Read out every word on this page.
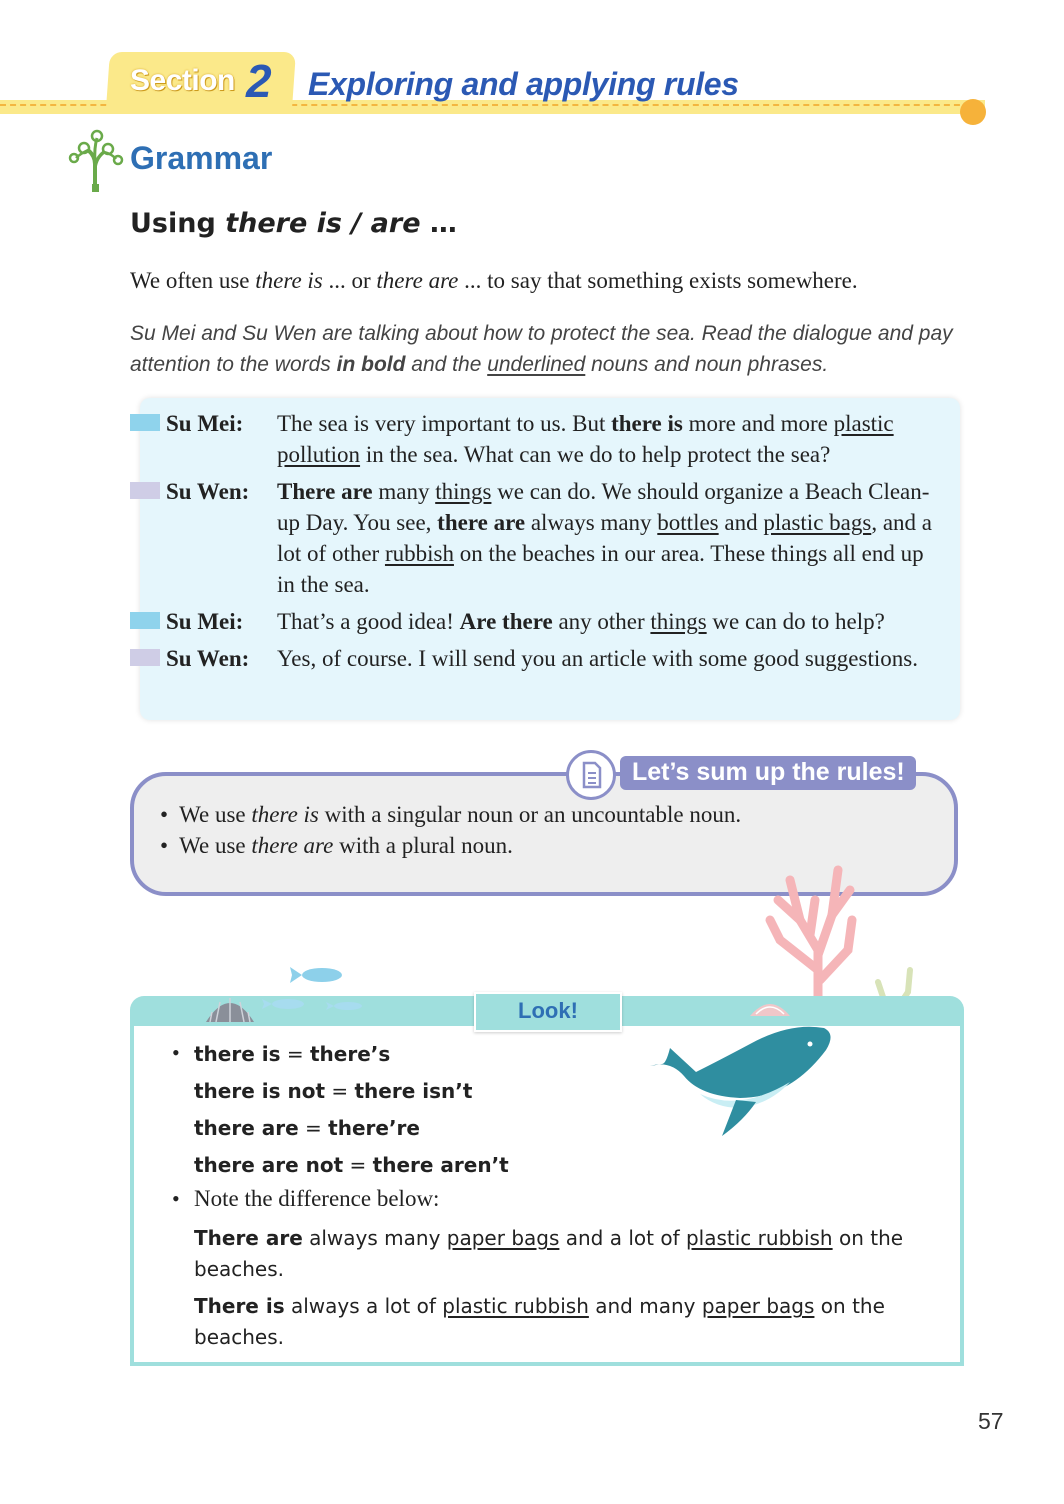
Section 2 Exploring and applying rules
Grammar
Using there is / are …
We often use there is ... or there are ... to say that something exists somewhere.
Su Mei and Su Wen are talking about how to protect the sea. Read the dialogue and pay attention to the words in bold and the underlined nouns and noun phrases.
Su Mei: The sea is very important to us. But there is more and more plastic pollution in the sea. What can we do to help protect the sea?
Su Wen: There are many things we can do. We should organize a Beach Clean-up Day. You see, there are always many bottles and plastic bags, and a lot of other rubbish on the beaches in our area. These things all end up in the sea.
Su Mei: That’s a good idea! Are there any other things we can do to help?
Su Wen: Yes, of course. I will send you an article with some good suggestions.
Let’s sum up the rules!
•  We use there is with a singular noun or an uncountable noun.
•  We use there are with a plural noun.
Look!
• there is = there’s
there is not = there isn’t
there are = there’re
there are not = there aren’t
• Note the difference below:
There are always many paper bags and a lot of plastic rubbish on the
beaches.
There is always a lot of plastic rubbish and many paper bags on the
beaches.
57
